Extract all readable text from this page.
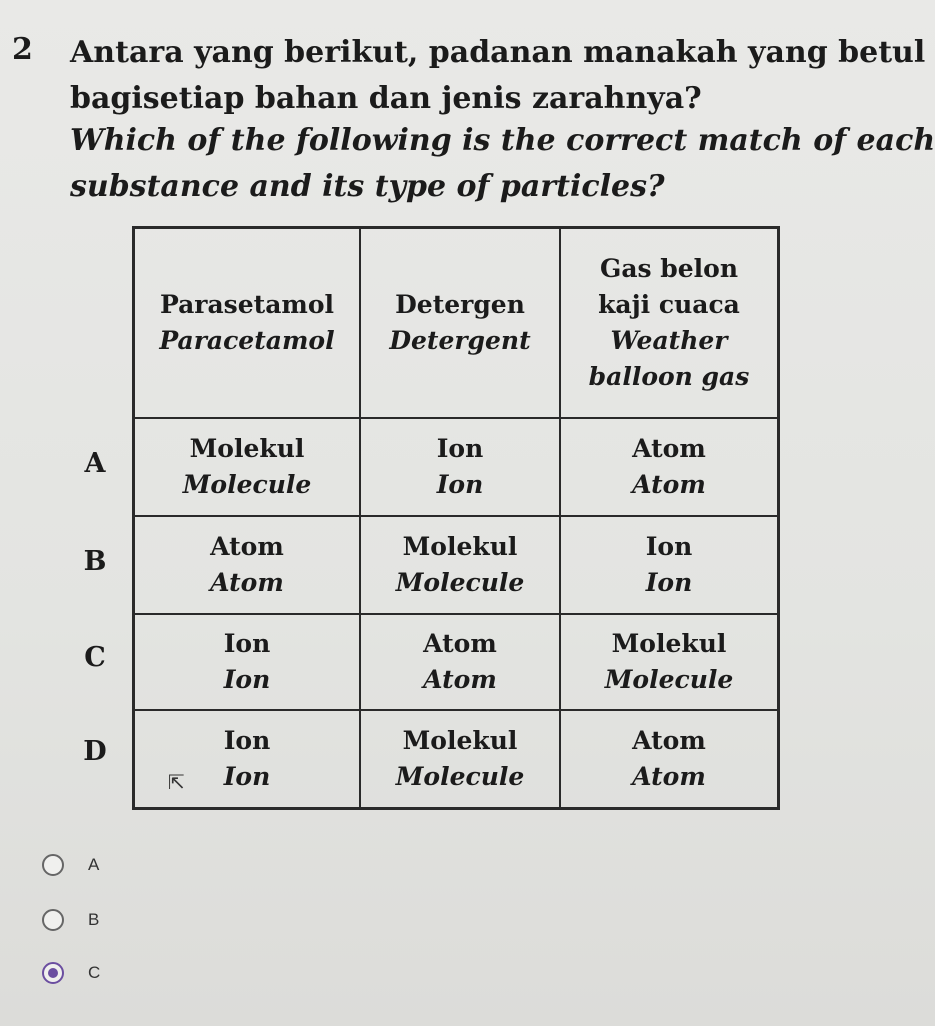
2 Antara yang berikut, padanan manakah yang betul
bagisetiap bahan dan jenis zarahnya?
Which of the following is the correct match of each
substance and its type of particles?
Parasetamol
Paracetamol
Detergen
Detergent
Gas belon
kaji cuaca
Weather
balloon gas
Molekul
Molecule
Ion
Ion
Atom
Atom
Atom
Atom
Molekul
Molecule
Ion
Ion
Ion
Ion
Atom
Atom
Molekul
Molecule
Ion
Ion
Molekul
Molecule
Atom
Atom
A
B
C
D
⇱
A
B
C
